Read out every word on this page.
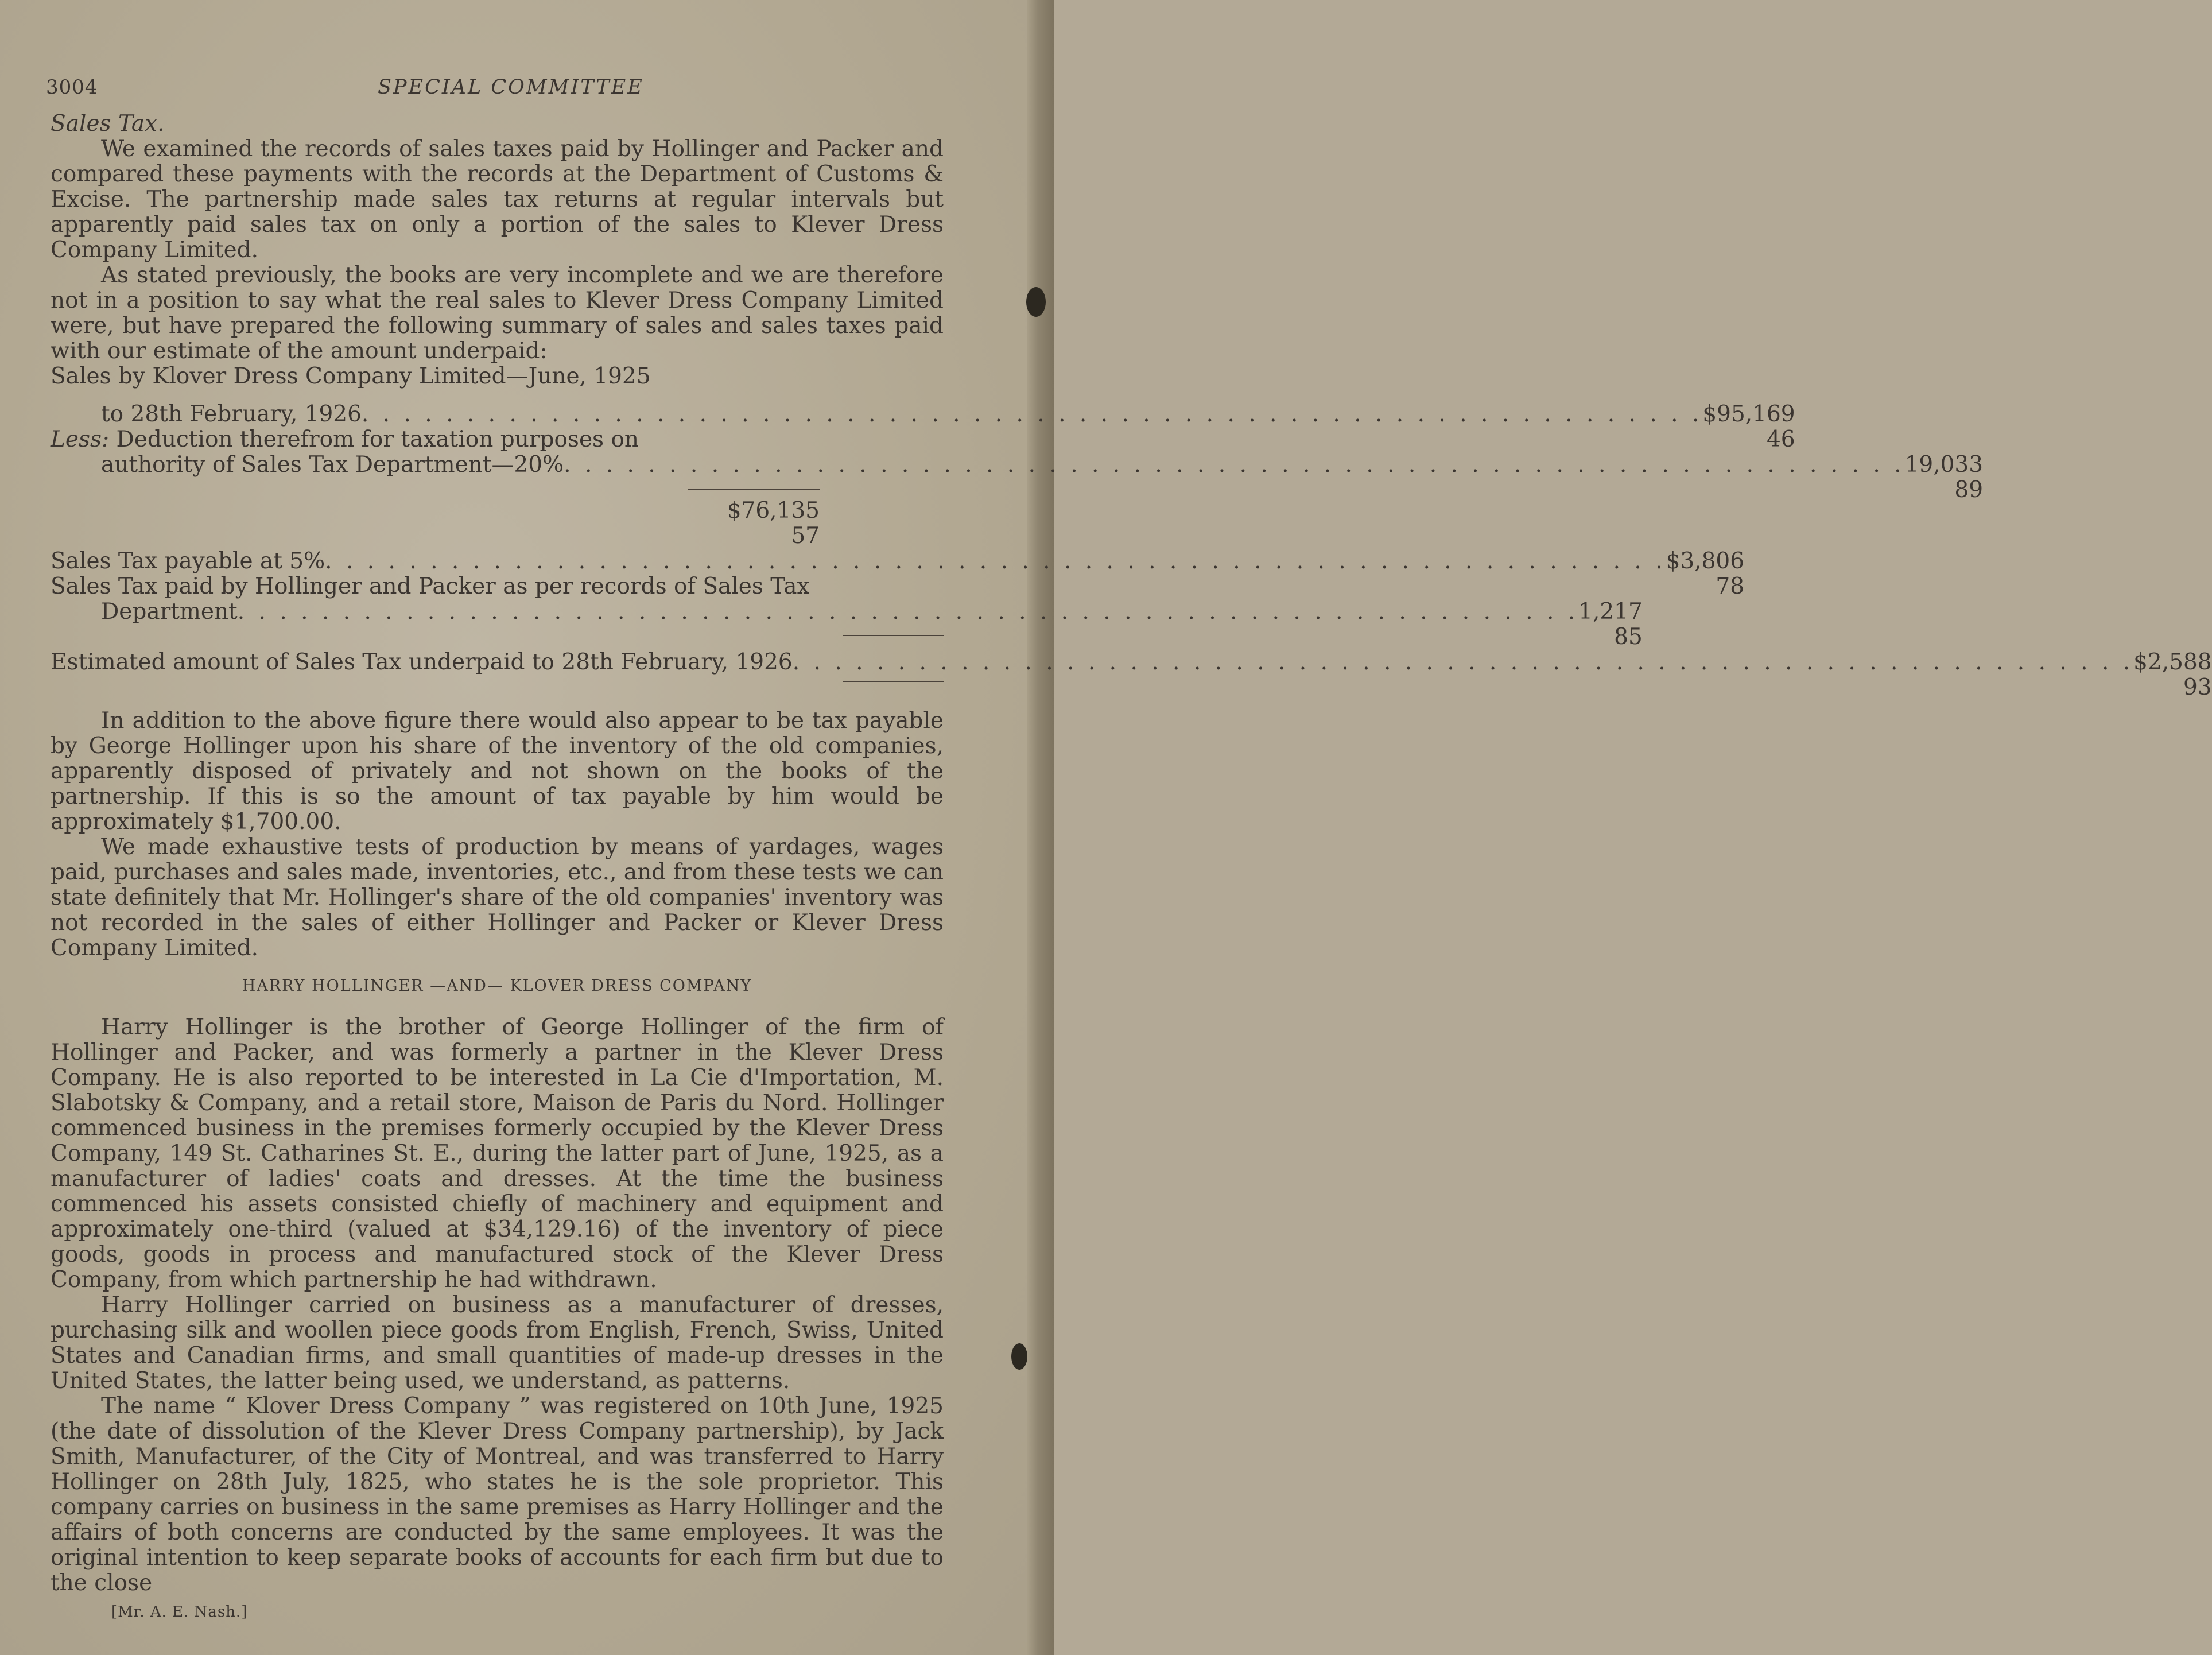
3004	SPECIAL COMMITTEE
Sales Tax.

We examined the records of sales taxes paid by Hollinger and Packer and compared these payments with the records at the Department of Customs & Excise. The partnership made sales tax returns at regular intervals but apparently paid sales tax on only a portion of the sales to Klever Dress Company Limited.

As stated previously, the books are very incomplete and we are therefore not in a position to say what the real sales to Klever Dress Company Limited were, but have prepared the following summary of sales and sales taxes paid with our estimate of the amount underpaid:

Sales by Klover Dress Company Limited—June, 1925
to 28th February, 1926 . . . . . . . . . . . . . . . . . . . . . . . . . . . . . . . . . . . . . . . . . . . . . . . . . . . . . . . . . . . . . . . . $95,169 46
Less: Deduction therefrom for taxation purposes on
authority of Sales Tax Department—20% . . . . . . . . . . . . . . . . . . . . . . . . . . . . . . . . . . . . . . . . . . . . . . . . . . . . . . . . . . . . . . . . 19,033 89
$76,135 57
Sales Tax payable at 5% . . . . . . . . . . . . . . . . . . . . . . . . . . . . . . . . . . . . . . . . . . . . . . . . . . . . . . . . . . . . . . . . $3,806 78
Sales Tax paid by Hollinger and Packer as per records of Sales Tax
Department . . . . . . . . . . . . . . . . . . . . . . . . . . . . . . . . . . . . . . . . . . . . . . . . . . . . . . . . . . . . . . . . 1,217 85
Estimated amount of Sales Tax underpaid to 28th February, 1926 . . . . . . . . . . . . . . . . . . . . . . . . . . . . . . . . . . . . . . . . . . . . . . . . . . . . . . . . . . . . . . . . $2,588 93

In addition to the above figure there would also appear to be tax payable by George Hollinger upon his share of the inventory of the old companies, apparently disposed of privately and not shown on the books of the partnership. If this is so the amount of tax payable by him would be approximately $1,700.00.

We made exhaustive tests of production by means of yardages, wages paid, purchases and sales made, inventories, etc., and from these tests we can state definitely that Mr. Hollinger's share of the old companies' inventory was not recorded in the sales of either Hollinger and Packer or Klever Dress Company Limited.

HARRY HOLLINGER —AND— KLOVER DRESS COMPANY

Harry Hollinger is the brother of George Hollinger of the firm of Hollinger and Packer, and was formerly a partner in the Klever Dress Company. He is also reported to be interested in La Cie d'Importation, M. Slabotsky & Company, and a retail store, Maison de Paris du Nord. Hollinger commenced business in the premises formerly occupied by the Klever Dress Company, 149 St. Catharines St. E., during the latter part of June, 1925, as a manufacturer of ladies' coats and dresses. At the time the business commenced his assets consisted chiefly of machinery and equipment and approximately one-third (valued at $34,129.16) of the inventory of piece goods, goods in process and manufactured stock of the Klever Dress Company, from which partnership he had withdrawn.

Harry Hollinger carried on business as a manufacturer of dresses, purchasing silk and woollen piece goods from English, French, Swiss, United States and Canadian firms, and small quantities of made-up dresses in the United States, the latter being used, we understand, as patterns.

The name “ Klover Dress Company ” was registered on 10th June, 1925 (the date of dissolution of the Klever Dress Company partnership), by Jack Smith, Manufacturer, of the City of Montreal, and was transferred to Harry Hollinger on 28th July, 1825, who states he is the sole proprietor. This company carries on business in the same premises as Harry Hollinger and the affairs of both concerns are conducted by the same employees. It was the original intention to keep separate books of accounts for each firm but due to the close

[Mr. A. E. Nash.]
